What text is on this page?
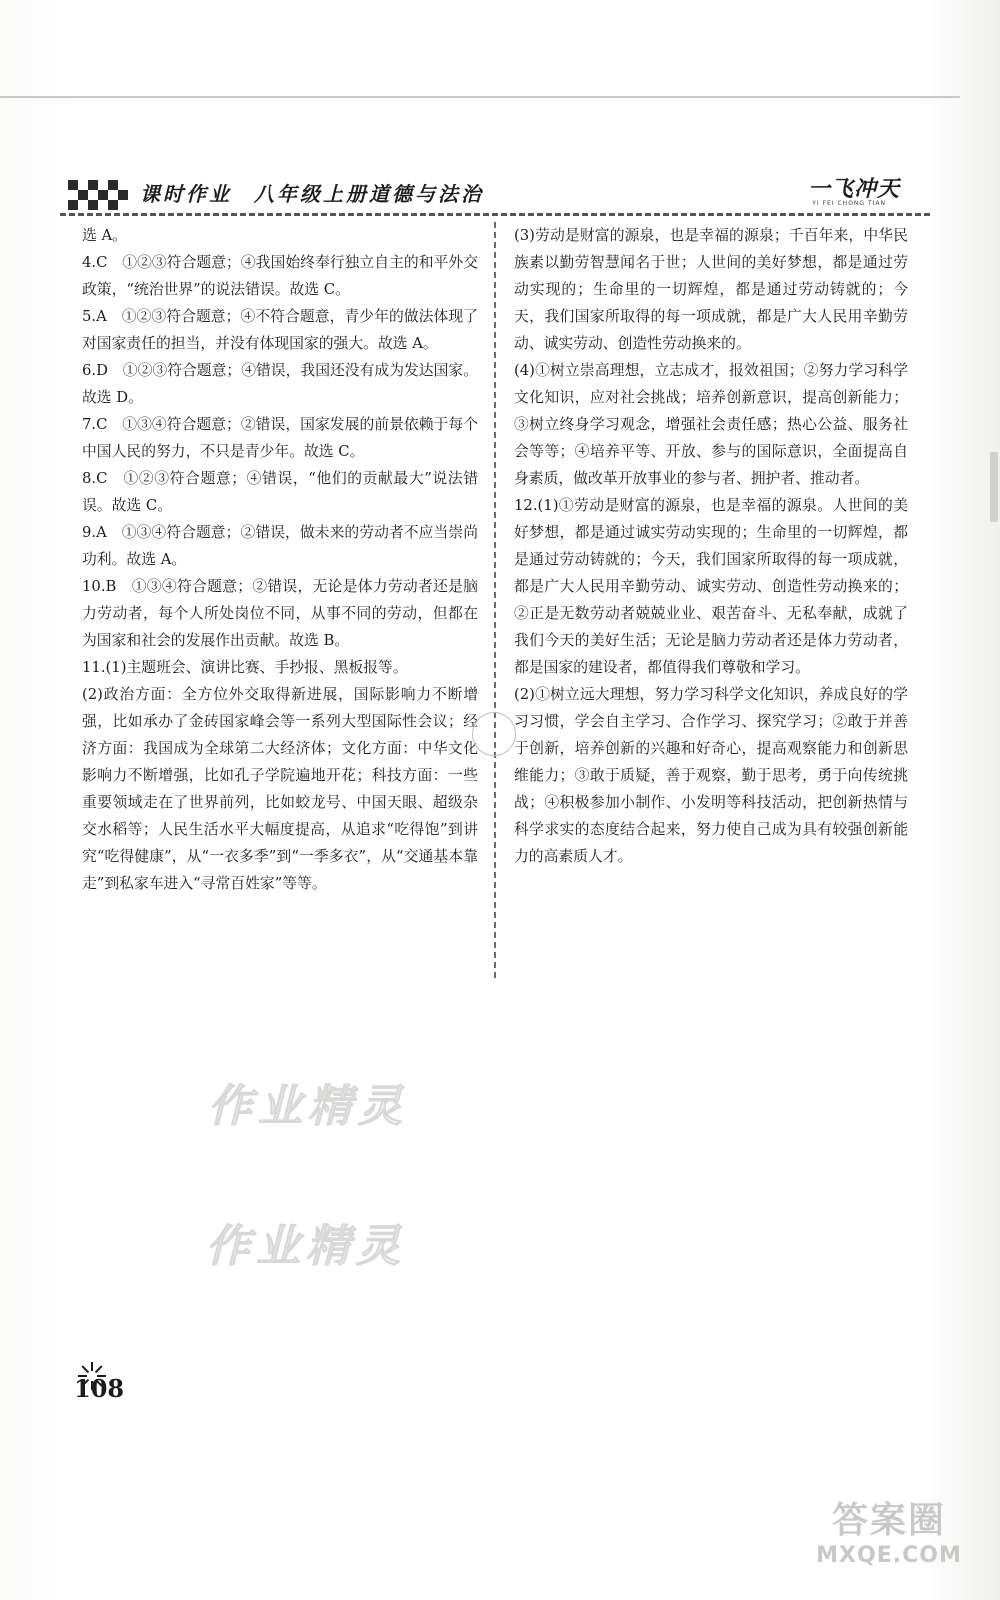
课时作业 八年级上册道德与法治	一飞冲天
YI FEI CHONG TIAN

选 A。

4.C　①②③符合题意；④我国始终奉行独立自主的和平外交政策，“统治世界”的说法错误。故选 C。

5.A　①②③符合题意；④不符合题意，青少年的做法体现了对国家责任的担当，并没有体现国家的强大。故选 A。

6.D　①②③符合题意；④错误，我国还没有成为发达国家。故选 D。

7.C　①③④符合题意；②错误，国家发展的前景依赖于每个中国人民的努力，不只是青少年。故选 C。

8.C　①②③符合题意；④错误，“他们的贡献最大”说法错误。故选 C。

9.A　①③④符合题意；②错误，做未来的劳动者不应当崇尚功利。故选 A。

10.B　①③④符合题意；②错误，无论是体力劳动者还是脑力劳动者，每个人所处岗位不同，从事不同的劳动，但都在为国家和社会的发展作出贡献。故选 B。

11.(1)主题班会、演讲比赛、手抄报、黑板报等。

(2)政治方面：全方位外交取得新进展，国际影响力不断增强，比如承办了金砖国家峰会等一系列大型国际性会议；经济方面：我国成为全球第二大经济体；文化方面：中华文化影响力不断增强，比如孔子学院遍地开花；科技方面：一些重要领域走在了世界前列，比如蛟龙号、中国天眼、超级杂交水稻等；人民生活水平大幅度提高，从追求“吃得饱”到讲究“吃得健康”，从“一衣多季”到“一季多衣”，从“交通基本靠走”到私家车进入“寻常百姓家”等等。

(3)劳动是财富的源泉，也是幸福的源泉；千百年来，中华民族素以勤劳智慧闻名于世；人世间的美好梦想，都是通过劳动实现的；生命里的一切辉煌，都是通过劳动铸就的；今天，我们国家所取得的每一项成就，都是广大人民用辛勤劳动、诚实劳动、创造性劳动换来的。

(4)①树立崇高理想，立志成才，报效祖国；②努力学习科学文化知识，应对社会挑战；培养创新意识，提高创新能力；③树立终身学习观念，增强社会责任感；热心公益、服务社会等等；④培养平等、开放、参与的国际意识，全面提高自身素质，做改革开放事业的参与者、拥护者、推动者。

12.(1)①劳动是财富的源泉，也是幸福的源泉。人世间的美好梦想，都是通过诚实劳动实现的；生命里的一切辉煌，都是通过劳动铸就的；今天，我们国家所取得的每一项成就，都是广大人民用辛勤劳动、诚实劳动、创造性劳动换来的；②正是无数劳动者兢兢业业、艰苦奋斗、无私奉献，成就了我们今天的美好生活；无论是脑力劳动者还是体力劳动者，都是国家的建设者，都值得我们尊敬和学习。

(2)①树立远大理想，努力学习科学文化知识，养成良好的学习习惯，学会自主学习、合作学习、探究学习；②敢于并善于创新，培养创新的兴趣和好奇心，提高观察能力和创新思维能力；③敢于质疑，善于观察，勤于思考，勇于向传统挑战；④积极参加小制作、小发明等科技活动，把创新热情与科学求实的态度结合起来，努力使自己成为具有较强创新能力的高素质人才。

作业精灵
作业精灵
108
答案圈
MXQE.COM
